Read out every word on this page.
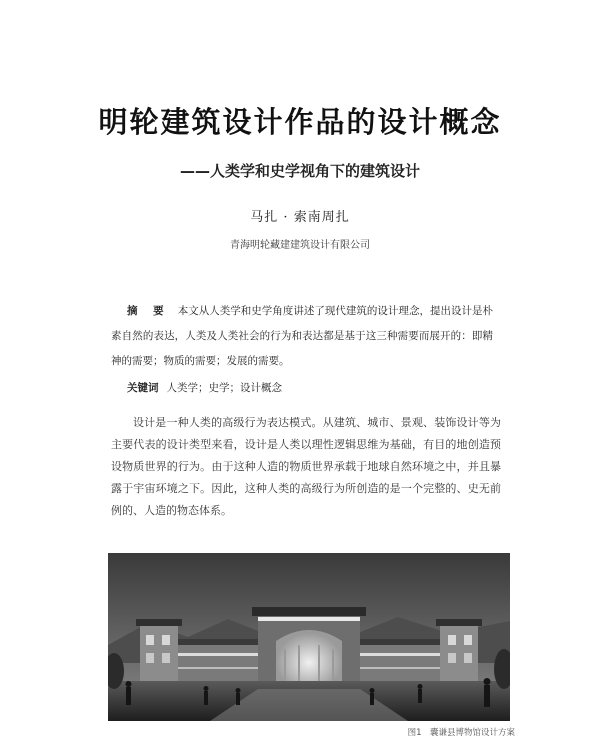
明轮建筑设计作品的设计概念
——人类学和史学视角下的建筑设计
马扎 · 索南周扎
青海明轮藏建建筑设计有限公司
摘 要 本文从人类学和史学角度讲述了现代建筑的设计理念，提出设计是朴素自然的表达，人类及人类社会的行为和表达都是基于这三种需要而展开的：即精神的需要；物质的需要；发展的需要。
关键词 人类学；史学；设计概念
设计是一种人类的高级行为表达模式。从建筑、城市、景观、装饰设计等为主要代表的设计类型来看，设计是人类以理性逻辑思维为基础，有目的地创造预设物质世界的行为。由于这种人造的物质世界承载于地球自然环境之中，并且暴露于宇宙环境之下。因此，这种人类的高级行为所创造的是一个完整的、史无前例的、人造的物态体系。
图1　囊谦县博物馆设计方案
